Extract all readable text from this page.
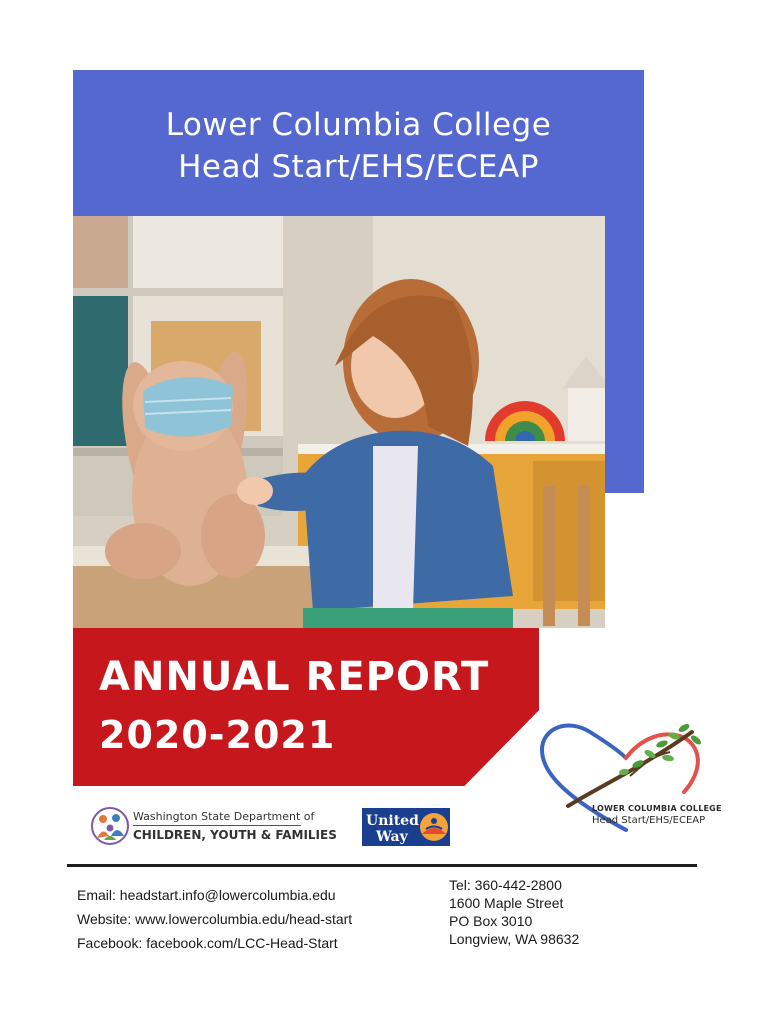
Lower Columbia College
Head Start/EHS/ECEAP
ANNUAL REPORT
2020-2021
LOWER COLUMBIA COLLEGE
Head Start/EHS/ECEAP
Washington State Department of
CHILDREN, YOUTH & FAMILIES
United
Way
Email: headstart.info@lowercolumbia.edu
Website: www.lowercolumbia.edu/head-start
Facebook: facebook.com/LCC-Head-Start
Tel: 360-442-2800
1600 Maple Street
PO Box 3010
Longview, WA 98632
